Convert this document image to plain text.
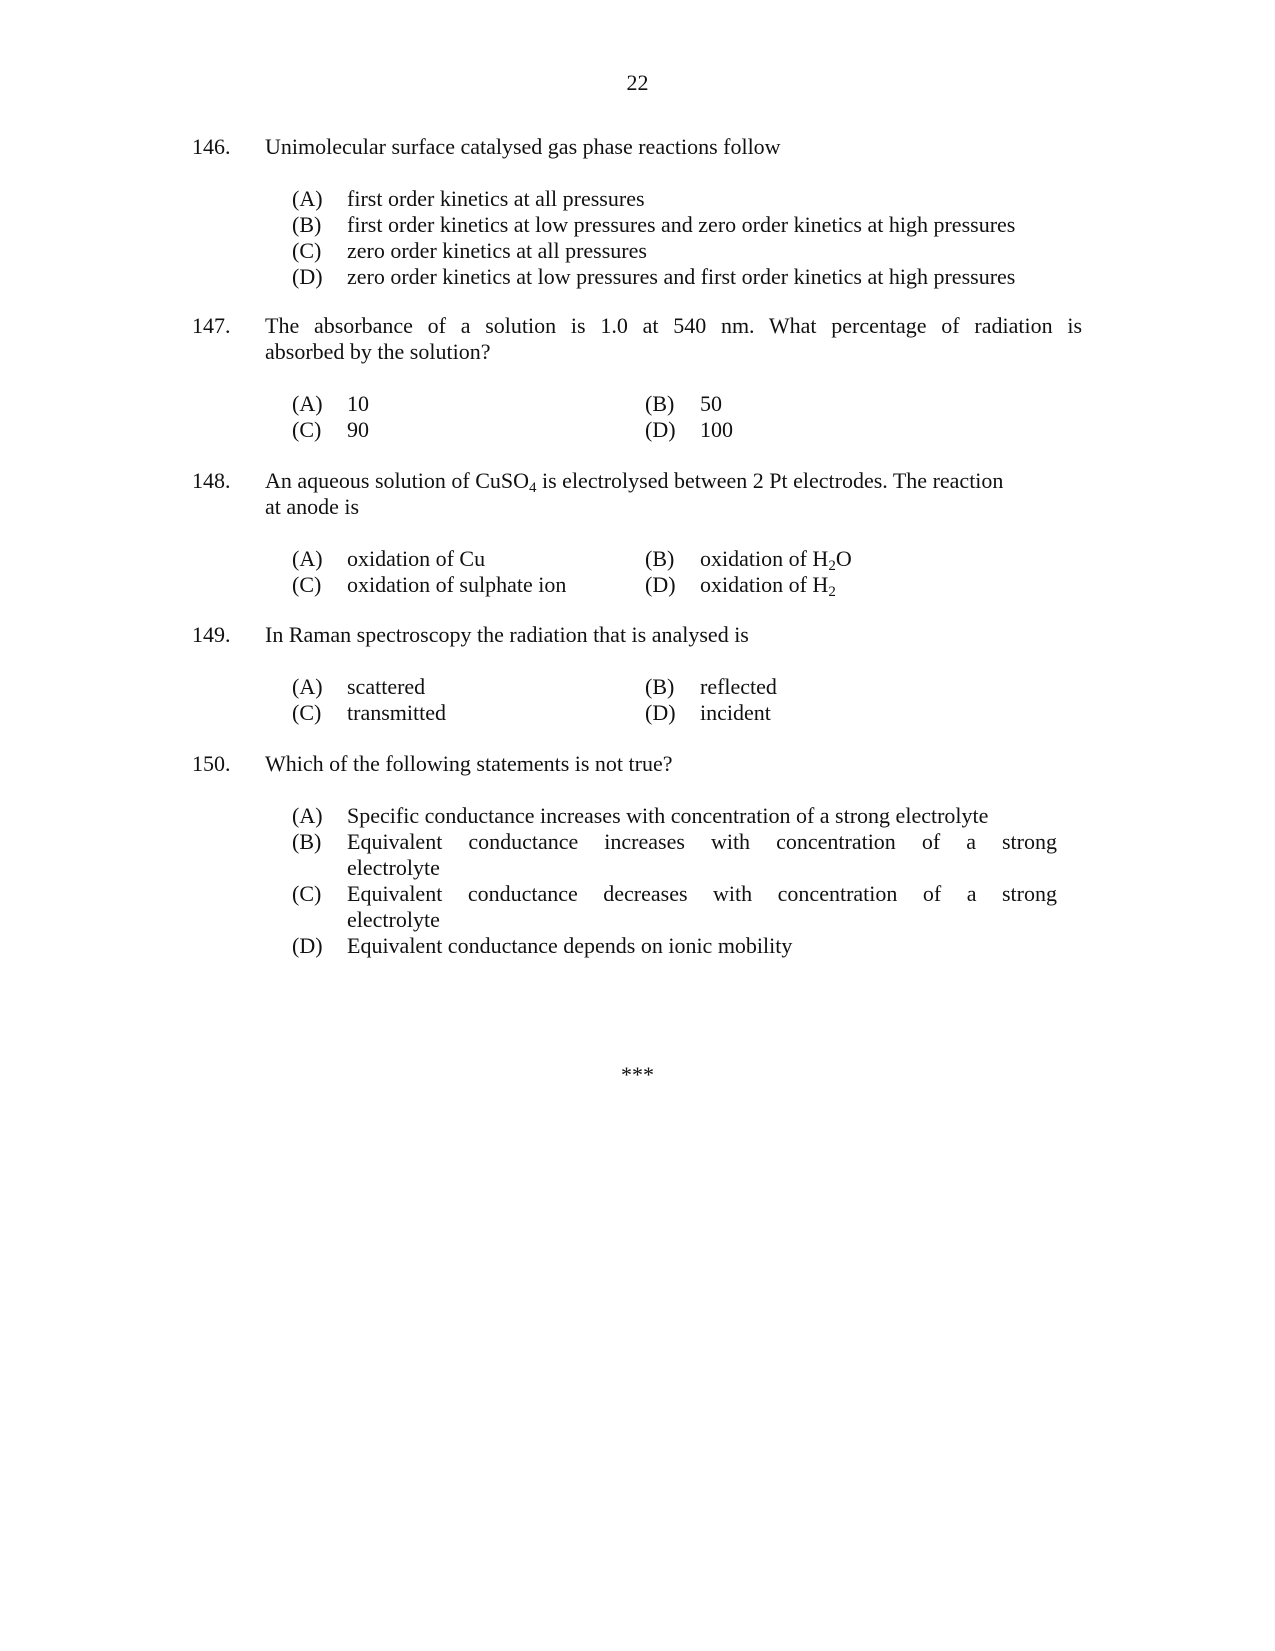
22
146. Unimolecular surface catalysed gas phase reactions follow
(A) first order kinetics at all pressures
(B) first order kinetics at low pressures and zero order kinetics at high pressures
(C) zero order kinetics at all pressures
(D) zero order kinetics at low pressures and first order kinetics at high pressures
147. The absorbance of a solution is 1.0 at 540 nm. What percentage of radiation is
absorbed by the solution?
(A) 10	(B) 50
(C) 90	(D) 100
148. An aqueous solution of CuSO$_4$ is electrolysed between 2 Pt electrodes. The reaction
at anode is
(A) oxidation of Cu	(B) oxidation of $H_2O$
(C) oxidation of sulphate ion	(D) oxidation of $H_2$
149. In Raman spectroscopy the radiation that is analysed is
(A) scattered	(B) reflected
(C) transmitted	(D) incident
150. Which of the following statements is not true?
(A) Specific conductance increases with concentration of a strong electrolyte
(B) Equivalent conductance increases with concentration of a strong
electrolyte
(C) Equivalent conductance decreases with concentration of a strong
electrolyte
(D) Equivalent conductance depends on ionic mobility
***
